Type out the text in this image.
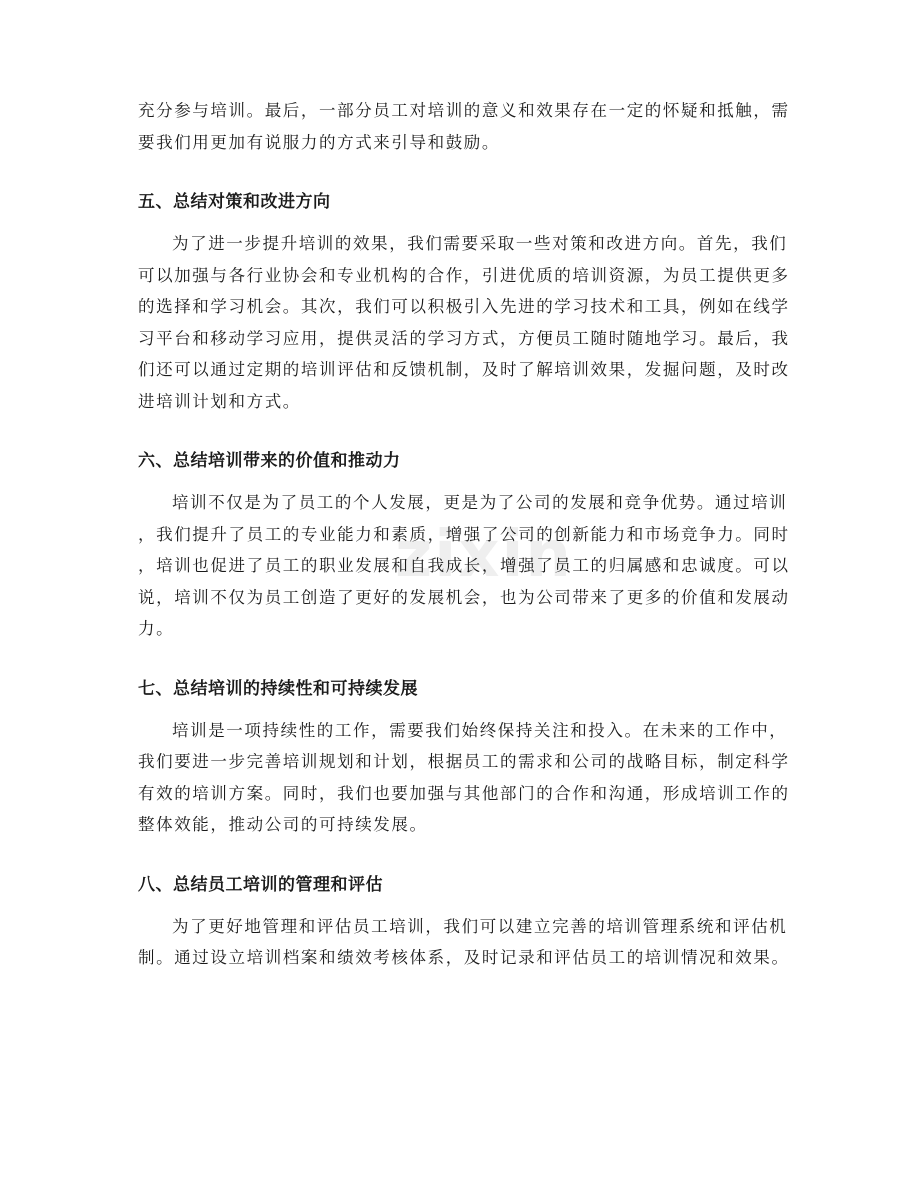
zixin
充分参与培训。最后，一部分员工对培训的意义和效果存在一定的怀疑和抵触，需
要我们用更加有说服力的方式来引导和鼓励。
五、总结对策和改进方向
为了进一步提升培训的效果，我们需要采取一些对策和改进方向。首先，我们
可以加强与各行业协会和专业机构的合作，引进优质的培训资源，为员工提供更多
的选择和学习机会。其次，我们可以积极引入先进的学习技术和工具，例如在线学
习平台和移动学习应用，提供灵活的学习方式，方便员工随时随地学习。最后，我
们还可以通过定期的培训评估和反馈机制，及时了解培训效果，发掘问题，及时改
进培训计划和方式。
六、总结培训带来的价值和推动力
培训不仅是为了员工的个人发展，更是为了公司的发展和竞争优势。通过培训
，我们提升了员工的专业能力和素质，增强了公司的创新能力和市场竞争力。同时
，培训也促进了员工的职业发展和自我成长，增强了员工的归属感和忠诚度。可以
说，培训不仅为员工创造了更好的发展机会，也为公司带来了更多的价值和发展动
力。
七、总结培训的持续性和可持续发展
培训是一项持续性的工作，需要我们始终保持关注和投入。在未来的工作中，
我们要进一步完善培训规划和计划，根据员工的需求和公司的战略目标，制定科学
有效的培训方案。同时，我们也要加强与其他部门的合作和沟通，形成培训工作的
整体效能，推动公司的可持续发展。
八、总结员工培训的管理和评估
为了更好地管理和评估员工培训，我们可以建立完善的培训管理系统和评估机
制。通过设立培训档案和绩效考核体系，及时记录和评估员工的培训情况和效果。
